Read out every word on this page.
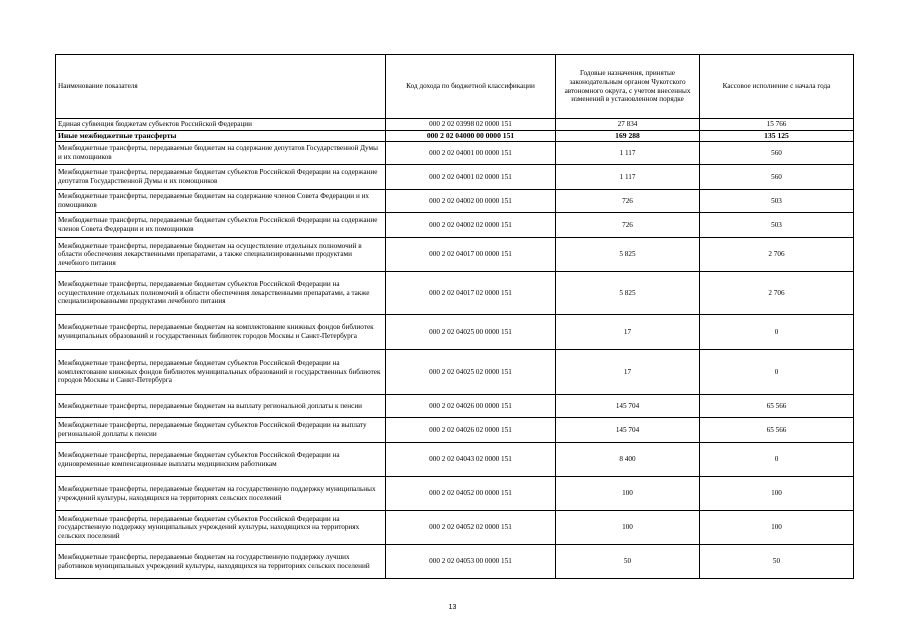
Наименование показателя	Код дохода по бюджетной классификации	Годовые назначения, принятые законодательным органом Чукотского автономного округа, с учетом внесенных изменений в установленном порядке	Кассовое исполнение с начала года
Единая субвенция бюджетам субъектов Российской Федерации	000 2 02 03998 02 0000 151	27 834	15 766
Иные межбюджетные трансферты	000 2 02 04000 00 0000 151	169 288	135 125
Межбюджетные трансферты, передаваемые бюджетам на содержание депутатов Государственной Думы и их помощников	000 2 02 04001 00 0000 151	1 117	560
Межбюджетные трансферты, передаваемые бюджетам субъектов Российской Федерации на содержание депутатов Государственной Думы и их помощников	000 2 02 04001 02 0000 151	1 117	560
Межбюджетные трансферты, передаваемые бюджетам на содержание членов Совета Федерации и их помощников	000 2 02 04002 00 0000 151	726	503
Межбюджетные трансферты, передаваемые бюджетам субъектов Российской Федерации на содержание членов Совета Федерации и их помощников	000 2 02 04002 02 0000 151	726	503
Межбюджетные трансферты, передаваемые бюджетам на осуществление отдельных полномочий в области обеспечения лекарственными препаратами, а также специализированными продуктами лечебного питания	000 2 02 04017 00 0000 151	5 825	2 706
Межбюджетные трансферты, передаваемые бюджетам субъектов Российской Федерации на осуществление отдельных полномочий в области обеспечения лекарственными препаратами, а также специализированными продуктами лечебного питания	000 2 02 04017 02 0000 151	5 825	2 706
Межбюджетные трансферты, передаваемые бюджетам на комплектование книжных фондов библиотек муниципальных образований и государственных библиотек городов Москвы и Санкт-Петербурга	000 2 02 04025 00 0000 151	17	0
Межбюджетные трансферты, передаваемые бюджетам субъектов Российской Федерации на комплектование книжных фондов библиотек муниципальных образований и государственных библиотек городов Москвы и Санкт-Петербурга	000 2 02 04025 02 0000 151	17	0
Межбюджетные трансферты, передаваемые бюджетам на выплату региональной доплаты к пенсии	000 2 02 04026 00 0000 151	145 704	65 566
Межбюджетные трансферты, передаваемые бюджетам субъектов Российской Федерации на выплату региональной доплаты к пенсии	000 2 02 04026 02 0000 151	145 704	65 566
Межбюджетные трансферты, передаваемые бюджетам субъектов Российской Федерации на единовременные компенсационные выплаты медицинским работникам	000 2 02 04043 02 0000 151	8 400	0
Межбюджетные трансферты, передаваемые бюджетам на государственную поддержку муниципальных учреждений культуры, находящихся на территориях сельских поселений	000 2 02 04052 00 0000 151	100	100
Межбюджетные трансферты, передаваемые бюджетам субъектов Российской Федерации на государственную поддержку муниципальных учреждений культуры, находящихся на территориях сельских поселений	000 2 02 04052 02 0000 151	100	100
Межбюджетные трансферты, передаваемые бюджетам на государственную поддержку лучших работников муниципальных учреждений культуры, находящихся на территориях сельских поселений	000 2 02 04053 00 0000 151	50	50
13
